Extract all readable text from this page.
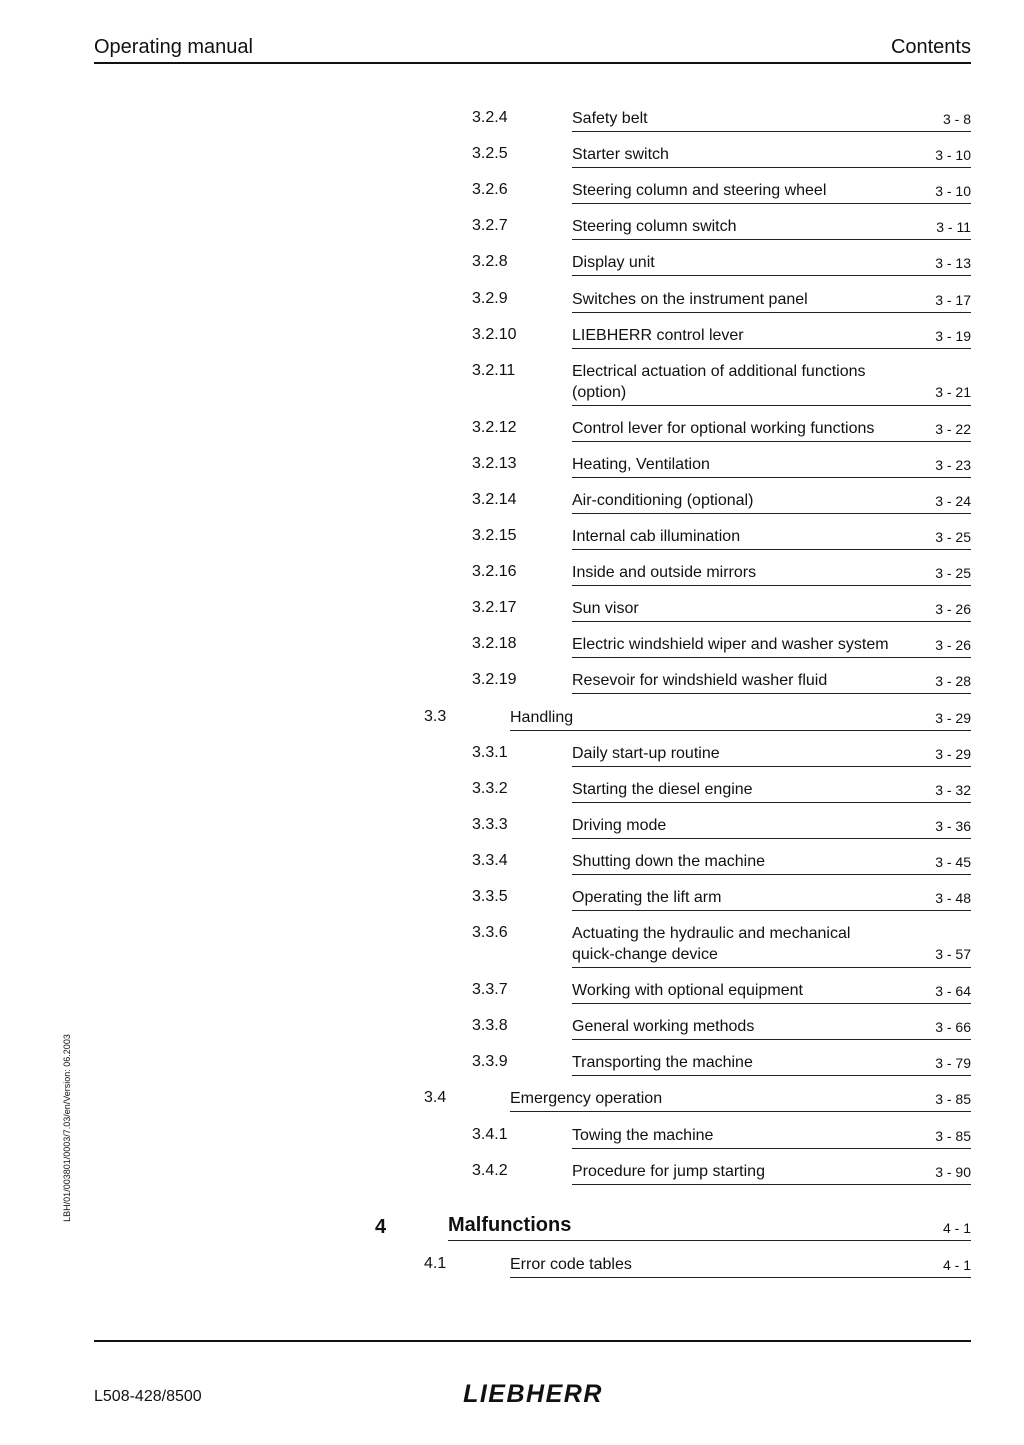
Operating manual	Contents
LBH/01/003801/0003/7.03/en/Version: 06.2003
3.2.4	Safety belt	3 - 8
3.2.5	Starter switch	3 - 10
3.2.6	Steering column and steering wheel	3 - 10
3.2.7	Steering column switch	3 - 11
3.2.8	Display unit	3 - 13
3.2.9	Switches on the instrument panel	3 - 17
3.2.10	LIEBHERR control lever	3 - 19
3.2.11	Electrical actuation of additional functions
(option)	3 - 21
3.2.12	Control lever for optional working functions	3 - 22
3.2.13	Heating, Ventilation	3 - 23
3.2.14	Air-conditioning (optional)	3 - 24
3.2.15	Internal cab illumination	3 - 25
3.2.16	Inside and outside mirrors	3 - 25
3.2.17	Sun visor	3 - 26
3.2.18	Electric windshield wiper and washer system	3 - 26
3.2.19	Resevoir for windshield washer fluid	3 - 28
3.3	Handling	3 - 29
3.3.1	Daily start-up routine	3 - 29
3.3.2	Starting the diesel engine	3 - 32
3.3.3	Driving mode	3 - 36
3.3.4	Shutting down the machine	3 - 45
3.3.5	Operating the lift arm	3 - 48
3.3.6	Actuating the hydraulic and mechanical
quick-change device	3 - 57
3.3.7	Working with optional equipment	3 - 64
3.3.8	General working methods	3 - 66
3.3.9	Transporting the machine	3 - 79
3.4	Emergency operation	3 - 85
3.4.1	Towing the machine	3 - 85
3.4.2	Procedure for jump starting	3 - 90
4	Malfunctions	4 - 1
4.1	Error code tables	4 - 1
L508-428/8500	LIEBHERR
